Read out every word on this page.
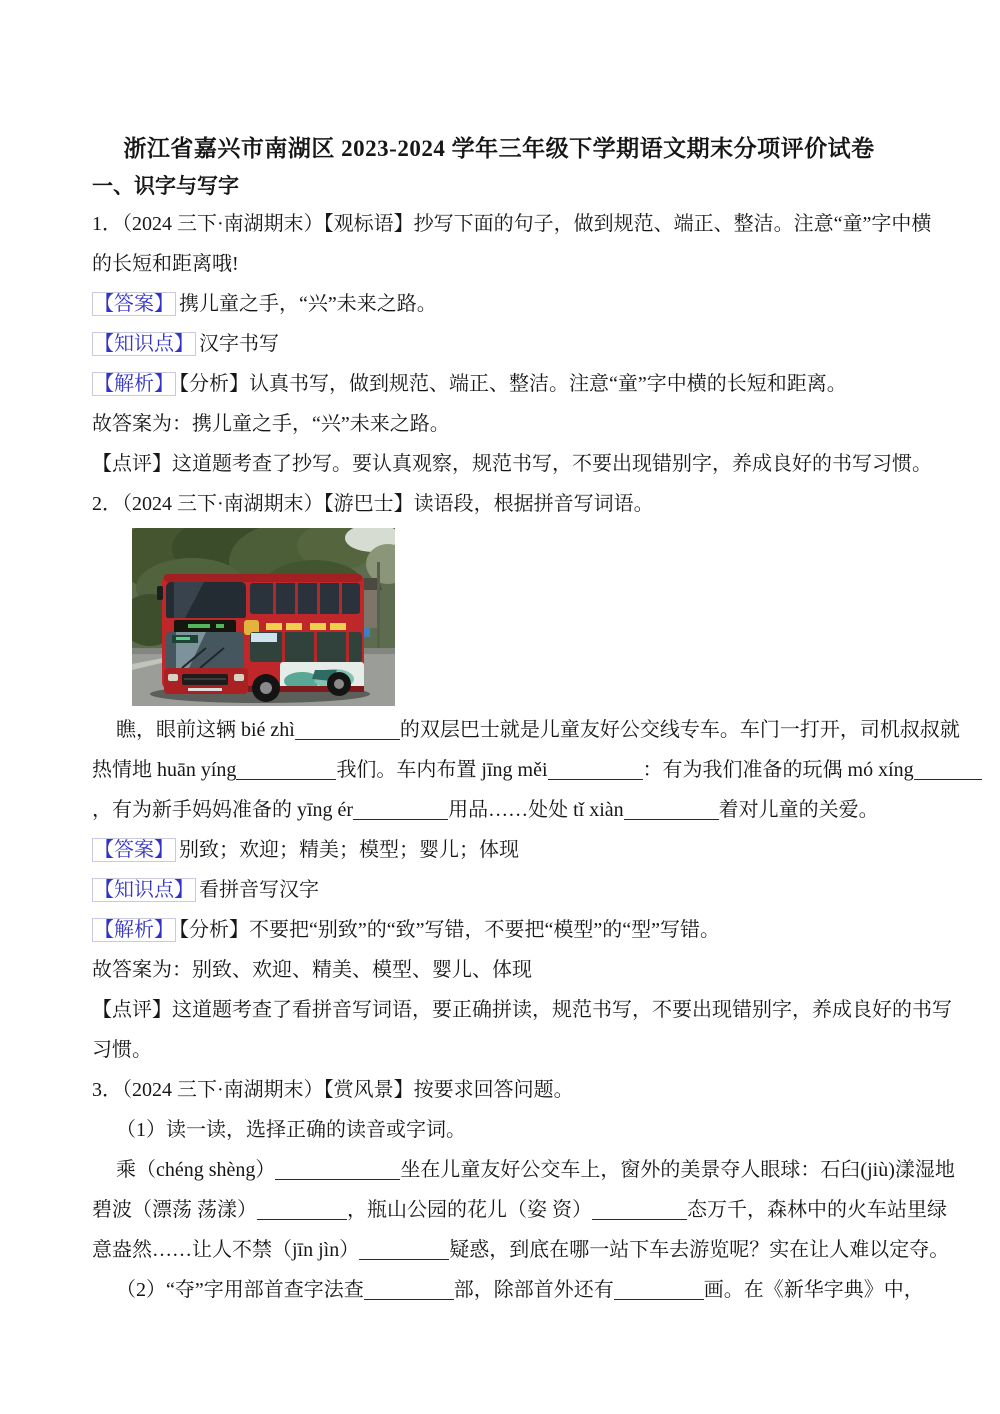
浙江省嘉兴市南湖区 2023-2024 学年三年级下学期语文期末分项评价试卷
一、识字与写字
1．（2024 三下·南湖期末）【观标语】抄写下面的句子，做到规范、端正、整洁。注意“童”字中横
的长短和距离哦!
【答案】 携儿童之手，“兴”未来之路。
【知识点】 汉字书写
【解析】 【分析】认真书写，做到规范、端正、整洁。注意“童”字中横的长短和距离。
故答案为：携儿童之手，“兴”未来之路。
【点评】这道题考查了抄写。要认真观察，规范书写，不要出现错别字，养成良好的书写习惯。
2．（2024 三下·南湖期末）【游巴士】读语段，根据拼音写词语。
瞧，眼前这辆 bié zhì	的双层巴士就是儿童友好公交线专车。车门一打开，司机叔叔就
热情地 huān yíng	我们。车内布置 jīng měi	：有为我们准备的玩偶 mó xíng
，有为新手妈妈准备的 yīng ér	用品……处处 tǐ xiàn	着对儿童的关爱。
【答案】 别致；欢迎；精美；模型；婴儿；体现
【知识点】 看拼音写汉字
【解析】 【分析】不要把“别致”的“致”写错，不要把“模型”的“型”写错。
故答案为：别致、欢迎、精美、模型、婴儿、体现
【点评】这道题考查了看拼音写词语，要正确拼读，规范书写，不要出现错别字，养成良好的书写
习惯。
3．（2024 三下·南湖期末）【赏风景】按要求回答问题。
（1）读一读，选择正确的读音或字词。
乘（chéng shèng）	坐在儿童友好公交车上，窗外的美景夺人眼球：石臼(jiù)漾湿地
碧波（漂荡 荡漾）	，瓶山公园的花儿（姿 资）	态万千，森林中的火车站里绿
意盎然……让人不禁（jīn jìn）	疑惑，到底在哪一站下车去游览呢？实在让人难以定夺。
（2）“夺”字用部首查字法查	部，除部首外还有	画。在《新华字典》中，
